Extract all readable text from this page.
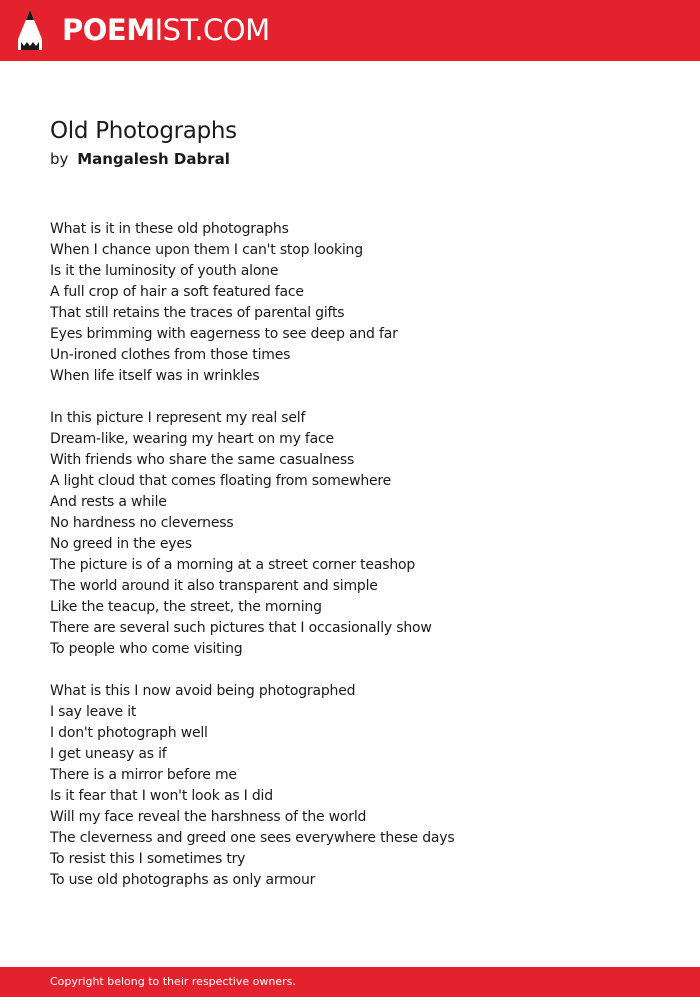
POEMIST.COM
Old Photographs
by Mangalesh Dabral
What is it in these old photographs
When I chance upon them I can't stop looking
Is it the luminosity of youth alone
A full crop of hair a soft featured face
That still retains the traces of parental gifts
Eyes brimming with eagerness to see deep and far
Un-ironed clothes from those times
When life itself was in wrinkles
In this picture I represent my real self
Dream-like, wearing my heart on my face
With friends who share the same casualness
A light cloud that comes floating from somewhere
And rests a while
No hardness no cleverness
No greed in the eyes
The picture is of a morning at a street corner teashop
The world around it also transparent and simple
Like the teacup, the street, the morning
There are several such pictures that I occasionally show
To people who come visiting
What is this I now avoid being photographed
I say leave it
I don't photograph well
I get uneasy as if
There is a mirror before me
Is it fear that I won't look as I did
Will my face reveal the harshness of the world
The cleverness and greed one sees everywhere these days
To resist this I sometimes try
To use old photographs as only armour
Copyright belong to their respective owners.
